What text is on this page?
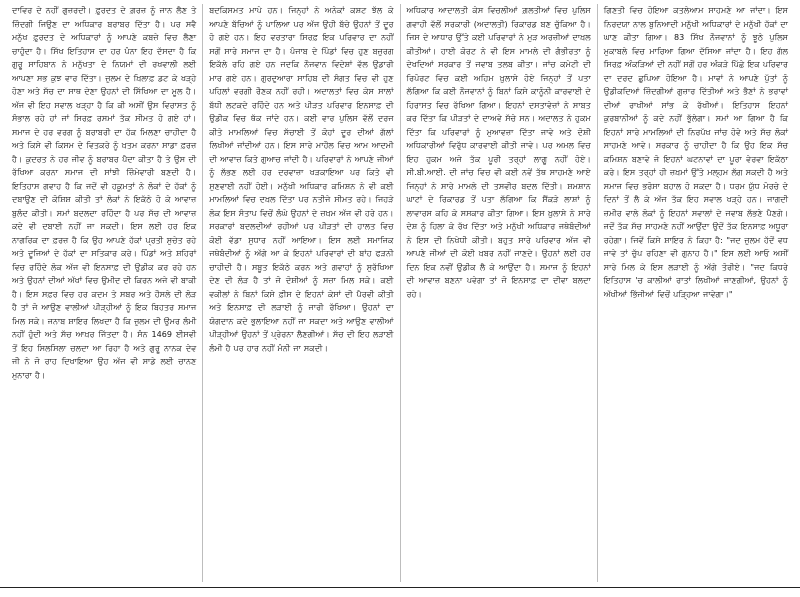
ਦਾਵਿਰ ਦੇ ਨਹੀਂ ਗੁਜ਼ਰਦੀ। ਫ਼ੁਰਦਤ ਦੇ ਗ਼ਰਜ਼ ਨੂੰ ਜਾਨ ਲੈਣ ਤੇ ਜ਼ਿੰਦਗੀ ਜਿਉਣ ਦਾ ਅਧਿਕਾਰ ਬਰਾਬਰ ਦਿੱਤਾ ਹੈ। ਪਰ ਸਵੈ ਮਨੁੱਖ ਫ਼ੁਰਦਤ ਦੇ ਅਧਿਕਾਰਾਂ ਨੂੰ ਆਪਣੇ ਕਬਜ਼ੇ ਵਿਚ ਲੈਣਾ ਚਾਹੁੰਦਾ ਹੈ। ਸਿੱਖ ਇਤਿਹਾਸ ਦਾ ਹਰ ਪੰਨਾ ਇਹ ਦੱਸਦਾ ਹੈ ਕਿ ਗੁਰੂ ਸਾਹਿਬਾਨ ਨੇ ਮਨੁੱਖਤਾ ਦੇ ਨਿਯਮਾਂ ਦੀ ਰਖਵਾਲੀ ਲਈ ਆਪਣਾ ਸਭ ਕੁਝ ਵਾਰ ਦਿੱਤਾ। ਜ਼ੁਲਮ ਦੇ ਖ਼ਿਲਾਫ਼ ਡਟ ਕੇ ਖੜ੍ਹੇ ਹੋਣਾ ਅਤੇ ਸੱਚ ਦਾ ਸਾਥ ਦੇਣਾ ਉਹਨਾਂ ਦੀ ਸਿੱਖਿਆ ਦਾ ਮੂਲ ਹੈ। ਅੱਜ ਵੀ ਇਹ ਸਵਾਲ ਖੜ੍ਹਾ ਹੈ ਕਿ ਕੀ ਅਸੀਂ ਉਸ ਵਿਰਾਸਤ ਨੂੰ ਸੰਭਾਲ ਰਹੇ ਹਾਂ ਜਾਂ ਸਿਰਫ਼ ਰਸਮਾਂ ਤੱਕ ਸੀਮਤ ਹੋ ਗਏ ਹਾਂ। ਸਮਾਜ ਦੇ ਹਰ ਵਰਗ ਨੂੰ ਬਰਾਬਰੀ ਦਾ ਹੱਕ ਮਿਲਣਾ ਚਾਹੀਦਾ ਹੈ ਅਤੇ ਕਿਸੇ ਵੀ ਕਿਸਮ ਦੇ ਵਿਤਕਰੇ ਨੂੰ ਖ਼ਤਮ ਕਰਨਾ ਸਾਡਾ ਫ਼ਰਜ਼ ਹੈ। ਕੁਦਰਤ ਨੇ ਹਰ ਜੀਵ ਨੂੰ ਬਰਾਬਰ ਪੈਦਾ ਕੀਤਾ ਹੈ ਤੇ ਉਸ ਦੀ ਰੱਖਿਆ ਕਰਨਾ ਸਮਾਜ ਦੀ ਸਾਂਝੀ ਜ਼ਿੰਮੇਵਾਰੀ ਬਣਦੀ ਹੈ। ਇਤਿਹਾਸ ਗਵਾਹ ਹੈ ਕਿ ਜਦੋਂ ਵੀ ਹਕੂਮਤਾਂ ਨੇ ਲੋਕਾਂ ਦੇ ਹੱਕਾਂ ਨੂੰ ਦਬਾਉਣ ਦੀ ਕੋਸ਼ਿਸ਼ ਕੀਤੀ ਤਾਂ ਲੋਕਾਂ ਨੇ ਇਕੱਠੇ ਹੋ ਕੇ ਆਵਾਜ਼ ਬੁਲੰਦ ਕੀਤੀ। ਸਮਾਂ ਬਦਲਦਾ ਰਹਿੰਦਾ ਹੈ ਪਰ ਸੱਚ ਦੀ ਆਵਾਜ਼ ਕਦੇ ਵੀ ਦਬਾਈ ਨਹੀਂ ਜਾ ਸਕਦੀ। ਇਸ ਲਈ ਹਰ ਇਕ ਨਾਗਰਿਕ ਦਾ ਫ਼ਰਜ਼ ਹੈ ਕਿ ਉਹ ਆਪਣੇ ਹੱਕਾਂ ਪ੍ਰਤੀ ਸੁਚੇਤ ਰਹੇ ਅਤੇ ਦੂਜਿਆਂ ਦੇ ਹੱਕਾਂ ਦਾ ਸਤਿਕਾਰ ਕਰੇ। ਪਿੰਡਾਂ ਅਤੇ ਸ਼ਹਿਰਾਂ ਵਿਚ ਰਹਿੰਦੇ ਲੋਕ ਅੱਜ ਵੀ ਇਨਸਾਫ਼ ਦੀ ਉਡੀਕ ਕਰ ਰਹੇ ਹਨ ਅਤੇ ਉਹਨਾਂ ਦੀਆਂ ਅੱਖਾਂ ਵਿਚ ਉਮੀਦ ਦੀ ਕਿਰਨ ਅਜੇ ਵੀ ਬਾਕੀ ਹੈ। ਇਸ ਸਫ਼ਰ ਵਿਚ ਹਰ ਕਦਮ ਤੇ ਸਬਰ ਅਤੇ ਹੌਸਲੇ ਦੀ ਲੋੜ ਹੈ ਤਾਂ ਜੋ ਆਉਣ ਵਾਲੀਆਂ ਪੀੜ੍ਹੀਆਂ ਨੂੰ ਇਕ ਬਿਹਤਰ ਸਮਾਜ ਮਿਲ ਸਕੇ। ਜਨਾਬ ਸ਼ਾਇਰ ਲਿਖਦਾ ਹੈ ਕਿ ਜ਼ੁਲਮ ਦੀ ਉਮਰ ਲੰਮੀ ਨਹੀਂ ਹੁੰਦੀ ਅਤੇ ਸੱਚ ਆਖ਼ਰ ਜਿੱਤਦਾ ਹੈ। ਸੰਨ 1469 ਈਸਵੀ ਤੋਂ ਇਹ ਸਿਲਸਿਲਾ ਚਲਦਾ ਆ ਰਿਹਾ ਹੈ ਅਤੇ ਗੁਰੂ ਨਾਨਕ ਦੇਵ ਜੀ ਨੇ ਜੋ ਰਾਹ ਦਿਖਾਇਆ ਉਹ ਅੱਜ ਵੀ ਸਾਡੇ ਲਈ ਚਾਨਣ ਮੁਨਾਰਾ ਹੈ।

ਬਦਕਿਸਮਤ ਮਾਪੇ ਹਨ। ਜਿਨ੍ਹਾਂ ਨੇ ਅਨੇਕਾਂ ਕਸ਼ਟ ਝੱਲ ਕੇ ਆਪਣੇ ਬੱਚਿਆਂ ਨੂੰ ਪਾਲਿਆ ਪਰ ਅੱਜ ਉਹੀ ਬੱਚੇ ਉਹਨਾਂ ਤੋਂ ਦੂਰ ਹੋ ਗਏ ਹਨ। ਇਹ ਵਰਤਾਰਾ ਸਿਰਫ਼ ਇਕ ਪਰਿਵਾਰ ਦਾ ਨਹੀਂ ਸਗੋਂ ਸਾਰੇ ਸਮਾਜ ਦਾ ਹੈ। ਪੰਜਾਬ ਦੇ ਪਿੰਡਾਂ ਵਿਚ ਹੁਣ ਬਜ਼ੁਰਗ ਇਕੱਲੇ ਰਹਿ ਗਏ ਹਨ ਜਦਕਿ ਨੌਜਵਾਨ ਵਿਦੇਸ਼ਾਂ ਵੱਲ ਉਡਾਰੀ ਮਾਰ ਗਏ ਹਨ। ਗੁਰਦੁਆਰਾ ਸਾਹਿਬ ਦੀ ਸੰਗਤ ਵਿਚ ਵੀ ਹੁਣ ਪਹਿਲਾਂ ਵਰਗੀ ਰੌਣਕ ਨਹੀਂ ਰਹੀ। ਅਦਾਲਤਾਂ ਵਿਚ ਕੇਸ ਸਾਲਾਂ ਬੱਧੀ ਲਟਕਦੇ ਰਹਿੰਦੇ ਹਨ ਅਤੇ ਪੀੜਤ ਪਰਿਵਾਰ ਇਨਸਾਫ਼ ਦੀ ਉਡੀਕ ਵਿਚ ਥੱਕ ਜਾਂਦੇ ਹਨ। ਕਈ ਵਾਰ ਪੁਲਿਸ ਵੱਲੋਂ ਦਰਜ ਕੀਤੇ ਮਾਮਲਿਆਂ ਵਿਚ ਸੱਚਾਈ ਤੋਂ ਕੋਹਾਂ ਦੂਰ ਦੀਆਂ ਗੱਲਾਂ ਲਿਖੀਆਂ ਜਾਂਦੀਆਂ ਹਨ। ਇਸ ਸਾਰੇ ਮਾਹੌਲ ਵਿਚ ਆਮ ਆਦਮੀ ਦੀ ਆਵਾਜ਼ ਕਿਤੇ ਗੁਆਚ ਜਾਂਦੀ ਹੈ। ਪਰਿਵਾਰਾਂ ਨੇ ਆਪਣੇ ਜੀਆਂ ਨੂੰ ਲੱਭਣ ਲਈ ਹਰ ਦਰਵਾਜ਼ਾ ਖੜਕਾਇਆ ਪਰ ਕਿਤੇ ਵੀ ਸੁਣਵਾਈ ਨਹੀਂ ਹੋਈ। ਮਨੁੱਖੀ ਅਧਿਕਾਰ ਕਮਿਸ਼ਨ ਨੇ ਵੀ ਕਈ ਮਾਮਲਿਆਂ ਵਿਚ ਦਖ਼ਲ ਦਿੱਤਾ ਪਰ ਨਤੀਜੇ ਸੀਮਤ ਰਹੇ। ਜਿਹੜੇ ਲੋਕ ਇਸ ਸੰਤਾਪ ਵਿਚੋਂ ਲੰਘੇ ਉਹਨਾਂ ਦੇ ਜ਼ਖ਼ਮ ਅੱਜ ਵੀ ਹਰੇ ਹਨ। ਸਰਕਾਰਾਂ ਬਦਲਦੀਆਂ ਰਹੀਆਂ ਪਰ ਪੀੜਤਾਂ ਦੀ ਹਾਲਤ ਵਿਚ ਕੋਈ ਵੱਡਾ ਸੁਧਾਰ ਨਹੀਂ ਆਇਆ। ਇਸ ਲਈ ਸਮਾਜਿਕ ਜਥੇਬੰਦੀਆਂ ਨੂੰ ਅੱਗੇ ਆ ਕੇ ਇਹਨਾਂ ਪਰਿਵਾਰਾਂ ਦੀ ਬਾਂਹ ਫੜਨੀ ਚਾਹੀਦੀ ਹੈ। ਸਬੂਤ ਇਕੱਠੇ ਕਰਨ ਅਤੇ ਗਵਾਹਾਂ ਨੂੰ ਸੁਰੱਖਿਆ ਦੇਣ ਦੀ ਲੋੜ ਹੈ ਤਾਂ ਜੋ ਦੋਸ਼ੀਆਂ ਨੂੰ ਸਜ਼ਾ ਮਿਲ ਸਕੇ। ਕਈ ਵਕੀਲਾਂ ਨੇ ਬਿਨਾਂ ਕਿਸੇ ਫ਼ੀਸ ਦੇ ਇਹਨਾਂ ਕੇਸਾਂ ਦੀ ਪੈਰਵੀ ਕੀਤੀ ਅਤੇ ਇਨਸਾਫ਼ ਦੀ ਲੜਾਈ ਨੂੰ ਜਾਰੀ ਰੱਖਿਆ। ਉਹਨਾਂ ਦਾ ਯੋਗਦਾਨ ਕਦੇ ਭੁਲਾਇਆ ਨਹੀਂ ਜਾ ਸਕਦਾ ਅਤੇ ਆਉਣ ਵਾਲੀਆਂ ਪੀੜ੍ਹੀਆਂ ਉਹਨਾਂ ਤੋਂ ਪ੍ਰੇਰਨਾ ਲੈਣਗੀਆਂ। ਸੱਚ ਦੀ ਇਹ ਲੜਾਈ ਲੰਮੀ ਹੈ ਪਰ ਹਾਰ ਨਹੀਂ ਮੰਨੀ ਜਾ ਸਕਦੀ।

ਅਧਿਕਾਰ ਆਦਾਲਤੀ ਕੇਸ ਵਿਚਲੀਆਂ ਗ਼ਲਤੀਆਂ ਵਿਚ ਪੁਲਿਸ ਗਵਾਹੀ ਵੱਲੋਂ ਸਰਕਾਰੀ (ਅਦਾਲਤੀ) ਰਿਕਾਰਡ ਬਣ ਚੁੱਕਿਆ ਹੈ। ਜਿਸ ਦੇ ਆਧਾਰ ਉੱਤੇ ਕਈ ਪਰਿਵਾਰਾਂ ਨੇ ਮੁੜ ਅਰਜ਼ੀਆਂ ਦਾਖ਼ਲ ਕੀਤੀਆਂ। ਹਾਈ ਕੋਰਟ ਨੇ ਵੀ ਇਸ ਮਾਮਲੇ ਦੀ ਗੰਭੀਰਤਾ ਨੂੰ ਦੇਖਦਿਆਂ ਸਰਕਾਰ ਤੋਂ ਜਵਾਬ ਤਲਬ ਕੀਤਾ। ਜਾਂਚ ਕਮੇਟੀ ਦੀ ਰਿਪੋਰਟ ਵਿਚ ਕਈ ਅਹਿਮ ਖ਼ੁਲਾਸੇ ਹੋਏ ਜਿਨ੍ਹਾਂ ਤੋਂ ਪਤਾ ਲੱਗਿਆ ਕਿ ਕਈ ਨੌਜਵਾਨਾਂ ਨੂੰ ਬਿਨਾਂ ਕਿਸੇ ਕਾਨੂੰਨੀ ਕਾਰਵਾਈ ਦੇ ਹਿਰਾਸਤ ਵਿਚ ਰੱਖਿਆ ਗਿਆ। ਇਹਨਾਂ ਦਸਤਾਵੇਜ਼ਾਂ ਨੇ ਸਾਬਤ ਕਰ ਦਿੱਤਾ ਕਿ ਪੀੜਤਾਂ ਦੇ ਦਾਅਵੇ ਸੱਚੇ ਸਨ। ਅਦਾਲਤ ਨੇ ਹੁਕਮ ਦਿੱਤਾ ਕਿ ਪਰਿਵਾਰਾਂ ਨੂੰ ਮੁਆਵਜ਼ਾ ਦਿੱਤਾ ਜਾਵੇ ਅਤੇ ਦੋਸ਼ੀ ਅਧਿਕਾਰੀਆਂ ਵਿਰੁੱਧ ਕਾਰਵਾਈ ਕੀਤੀ ਜਾਵੇ। ਪਰ ਅਮਲ ਵਿਚ ਇਹ ਹੁਕਮ ਅਜੇ ਤੱਕ ਪੂਰੀ ਤਰ੍ਹਾਂ ਲਾਗੂ ਨਹੀਂ ਹੋਏ। ਸੀ.ਬੀ.ਆਈ. ਦੀ ਜਾਂਚ ਵਿਚ ਵੀ ਕਈ ਨਵੇਂ ਤੱਥ ਸਾਹਮਣੇ ਆਏ ਜਿਨ੍ਹਾਂ ਨੇ ਸਾਰੇ ਮਾਮਲੇ ਦੀ ਤਸਵੀਰ ਬਦਲ ਦਿੱਤੀ। ਸ਼ਮਸ਼ਾਨ ਘਾਟਾਂ ਦੇ ਰਿਕਾਰਡ ਤੋਂ ਪਤਾ ਲੱਗਿਆ ਕਿ ਸੈਂਕੜੇ ਲਾਸ਼ਾਂ ਨੂੰ ਲਾਵਾਰਸ ਕਹਿ ਕੇ ਸਸਕਾਰ ਕੀਤਾ ਗਿਆ। ਇਸ ਖ਼ੁਲਾਸੇ ਨੇ ਸਾਰੇ ਦੇਸ਼ ਨੂੰ ਹਿਲਾ ਕੇ ਰੱਖ ਦਿੱਤਾ ਅਤੇ ਮਨੁੱਖੀ ਅਧਿਕਾਰ ਜਥੇਬੰਦੀਆਂ ਨੇ ਇਸ ਦੀ ਨਿਖੇਧੀ ਕੀਤੀ। ਬਹੁਤ ਸਾਰੇ ਪਰਿਵਾਰ ਅੱਜ ਵੀ ਆਪਣੇ ਜੀਆਂ ਦੀ ਕੋਈ ਖ਼ਬਰ ਨਹੀਂ ਜਾਣਦੇ। ਉਹਨਾਂ ਲਈ ਹਰ ਦਿਨ ਇਕ ਨਵੀਂ ਉਡੀਕ ਲੈ ਕੇ ਆਉਂਦਾ ਹੈ। ਸਮਾਜ ਨੂੰ ਇਹਨਾਂ ਦੀ ਆਵਾਜ਼ ਬਣਨਾ ਪਵੇਗਾ ਤਾਂ ਜੋ ਇਨਸਾਫ਼ ਦਾ ਦੀਵਾ ਬਲਦਾ ਰਹੇ।

ਗਿਣਤੀ ਵਿਚ ਹੋਇਆ ਕਤਲੇਆਮ ਸਾਹਮਣੇ ਆ ਜਾਂਦਾ। ਇਸ ਨਿਰਦਯਾ ਨਾਲ ਬੁਨਿਆਦੀ ਮਨੁੱਖੀ ਅਧਿਕਾਰਾਂ ਦੇ ਮਨੁੱਖੀ ਹੱਕਾਂ ਦਾ ਘਾਣ ਕੀਤਾ ਗਿਆ। 83 ਸਿੱਖ ਨੌਜਵਾਨਾਂ ਨੂੰ ਝੂਠੇ ਪੁਲਿਸ ਮੁਕਾਬਲੇ ਵਿਚ ਮਾਰਿਆ ਗਿਆ ਦੱਸਿਆ ਜਾਂਦਾ ਹੈ। ਇਹ ਗੱਲ ਸਿਰਫ਼ ਅੰਕੜਿਆਂ ਦੀ ਨਹੀਂ ਸਗੋਂ ਹਰ ਅੰਕੜੇ ਪਿੱਛੇ ਇਕ ਪਰਿਵਾਰ ਦਾ ਦਰਦ ਛੁਪਿਆ ਹੋਇਆ ਹੈ। ਮਾਵਾਂ ਨੇ ਆਪਣੇ ਪੁੱਤਾਂ ਨੂੰ ਉਡੀਕਦਿਆਂ ਜ਼ਿੰਦਗੀਆਂ ਗੁਜ਼ਾਰ ਦਿੱਤੀਆਂ ਅਤੇ ਭੈਣਾਂ ਨੇ ਭਰਾਵਾਂ ਦੀਆਂ ਰਾਖੀਆਂ ਸਾਂਭ ਕੇ ਰੱਖੀਆਂ। ਇਤਿਹਾਸ ਇਹਨਾਂ ਕੁਰਬਾਨੀਆਂ ਨੂੰ ਕਦੇ ਨਹੀਂ ਭੁੱਲੇਗਾ। ਸਮਾਂ ਆ ਗਿਆ ਹੈ ਕਿ ਇਹਨਾਂ ਸਾਰੇ ਮਾਮਲਿਆਂ ਦੀ ਨਿਰਪੱਖ ਜਾਂਚ ਹੋਵੇ ਅਤੇ ਸੱਚ ਲੋਕਾਂ ਸਾਹਮਣੇ ਆਵੇ। ਸਰਕਾਰ ਨੂੰ ਚਾਹੀਦਾ ਹੈ ਕਿ ਉਹ ਇਕ ਸੱਚ ਕਮਿਸ਼ਨ ਬਣਾਵੇ ਜੋ ਇਹਨਾਂ ਘਟਨਾਵਾਂ ਦਾ ਪੂਰਾ ਵੇਰਵਾ ਇਕੱਠਾ ਕਰੇ। ਇਸ ਤਰ੍ਹਾਂ ਹੀ ਜ਼ਖ਼ਮਾਂ ਉੱਤੇ ਮਲ੍ਹਮ ਲੱਗ ਸਕਦੀ ਹੈ ਅਤੇ ਸਮਾਜ ਵਿਚ ਭਰੋਸਾ ਬਹਾਲ ਹੋ ਸਕਦਾ ਹੈ। ਧਰਮ ਯੁੱਧ ਮੋਰਚੇ ਦੇ ਦਿਨਾਂ ਤੋਂ ਲੈ ਕੇ ਅੱਜ ਤੱਕ ਇਹ ਸਵਾਲ ਖੜ੍ਹੇ ਹਨ। ਜਾਗਦੀ ਜ਼ਮੀਰ ਵਾਲੇ ਲੋਕਾਂ ਨੂੰ ਇਹਨਾਂ ਸਵਾਲਾਂ ਦੇ ਜਵਾਬ ਲੱਭਣੇ ਪੈਣਗੇ। ਜਦੋਂ ਤੱਕ ਸੱਚ ਸਾਹਮਣੇ ਨਹੀਂ ਆਉਂਦਾ ਉਦੋਂ ਤੱਕ ਇਨਸਾਫ਼ ਅਧੂਰਾ ਰਹੇਗਾ। ਜਿਵੇਂ ਕਿਸੇ ਸ਼ਾਇਰ ਨੇ ਕਿਹਾ ਹੈ: "ਜਦ ਜ਼ੁਲਮ ਹੱਦੋਂ ਵਧ ਜਾਵੇ ਤਾਂ ਚੁੱਪ ਰਹਿਣਾ ਵੀ ਗੁਨਾਹ ਹੈ।" ਇਸ ਲਈ ਆਓ ਅਸੀਂ ਸਾਰੇ ਮਿਲ ਕੇ ਇਸ ਲੜਾਈ ਨੂੰ ਅੱਗੇ ਤੋਰੀਏ। "ਜਦ ਕਿਧਰੇ ਇਤਿਹਾਸ 'ਚ ਕਾਲੀਆਂ ਰਾਤਾਂ ਲਿਖੀਆਂ ਜਾਣਗੀਆਂ, ਉਹਨਾਂ ਨੂੰ ਅੱਖੀਆਂ ਭਿੱਜੀਆਂ ਵਿਚੋਂ ਪੜ੍ਹਿਆ ਜਾਵੇਗਾ।"
